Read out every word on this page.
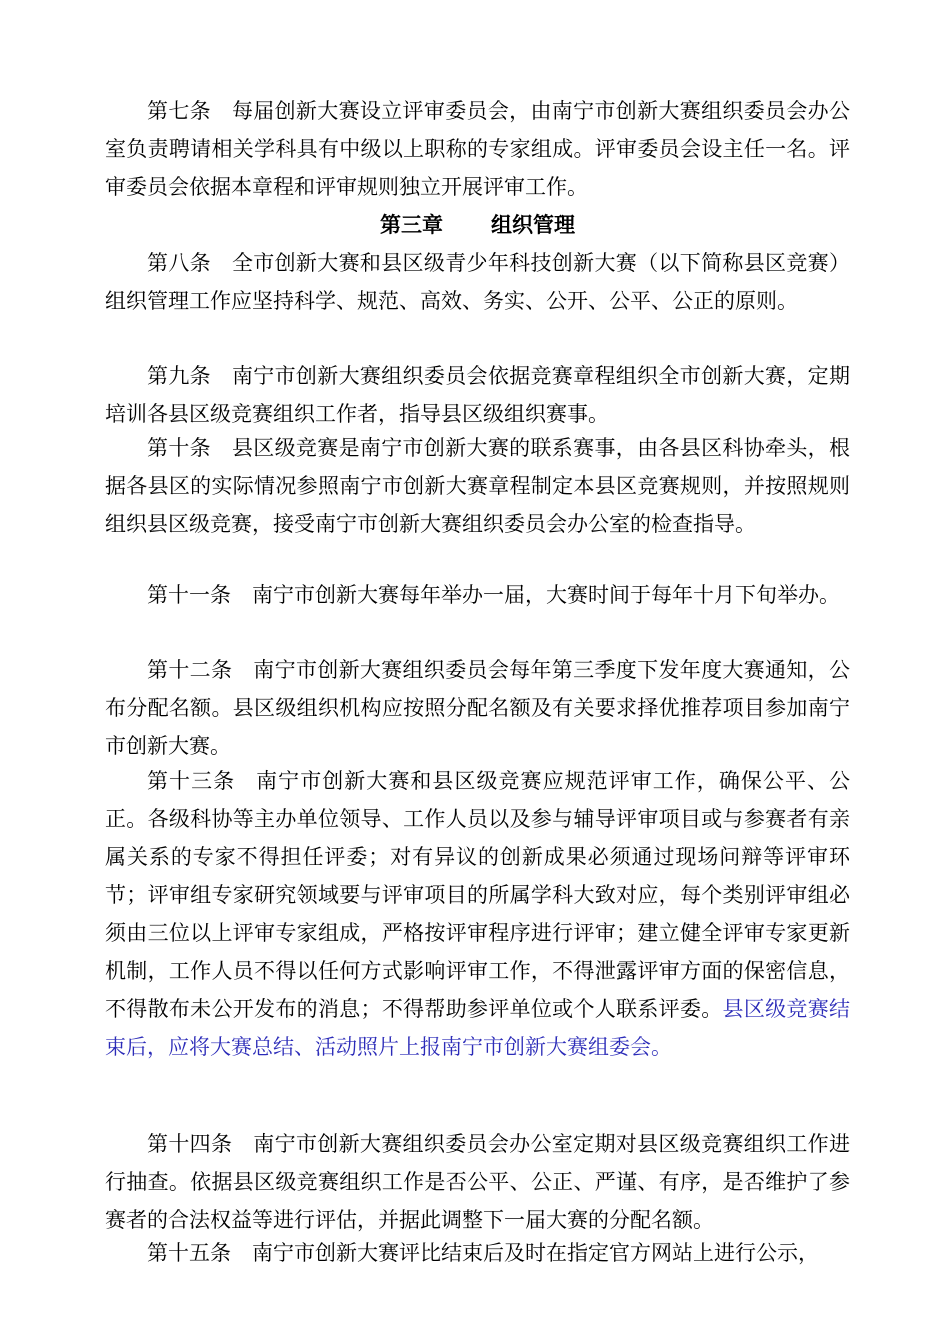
第七条 每届创新大赛设立评审委员会，由南宁市创新大赛组织委员会办公室负责聘请相关学科具有中级以上职称的专家组成。评审委员会设主任一名。评审委员会依据本章程和评审规则独立开展评审工作。

第三章 组织管理

第八条 全市创新大赛和县区级青少年科技创新大赛（以下简称县区竞赛）组织管理工作应坚持科学、规范、高效、务实、公开、公平、公正的原则。

第九条 南宁市创新大赛组织委员会依据竞赛章程组织全市创新大赛，定期培训各县区级竞赛组织工作者，指导县区级组织赛事。

第十条 县区级竞赛是南宁市创新大赛的联系赛事，由各县区科协牵头，根据各县区的实际情况参照南宁市创新大赛章程制定本县区竞赛规则，并按照规则组织县区级竞赛，接受南宁市创新大赛组织委员会办公室的检查指导。

第十一条 南宁市创新大赛每年举办一届，大赛时间于每年十月下旬举办。

第十二条 南宁市创新大赛组织委员会每年第三季度下发年度大赛通知，公布分配名额。县区级组织机构应按照分配名额及有关要求择优推荐项目参加南宁市创新大赛。

第十三条 南宁市创新大赛和县区级竞赛应规范评审工作，确保公平、公正。各级科协等主办单位领导、工作人员以及参与辅导评审项目或与参赛者有亲属关系的专家不得担任评委；对有异议的创新成果必须通过现场问辩等评审环节；评审组专家研究领域要与评审项目的所属学科大致对应，每个类别评审组必须由三位以上评审专家组成，严格按评审程序进行评审；建立健全评审专家更新机制，工作人员不得以任何方式影响评审工作，不得泄露评审方面的保密信息，不得散布未公开发布的消息；不得帮助参评单位或个人联系评委。县区级竞赛结束后，应将大赛总结、活动照片上报南宁市创新大赛组委会。

第十四条 南宁市创新大赛组织委员会办公室定期对县区级竞赛组织工作进行抽查。依据县区级竞赛组织工作是否公平、公正、严谨、有序，是否维护了参赛者的合法权益等进行评估，并据此调整下一届大赛的分配名额。

第十五条 南宁市创新大赛评比结束后及时在指定官方网站上进行公示，
